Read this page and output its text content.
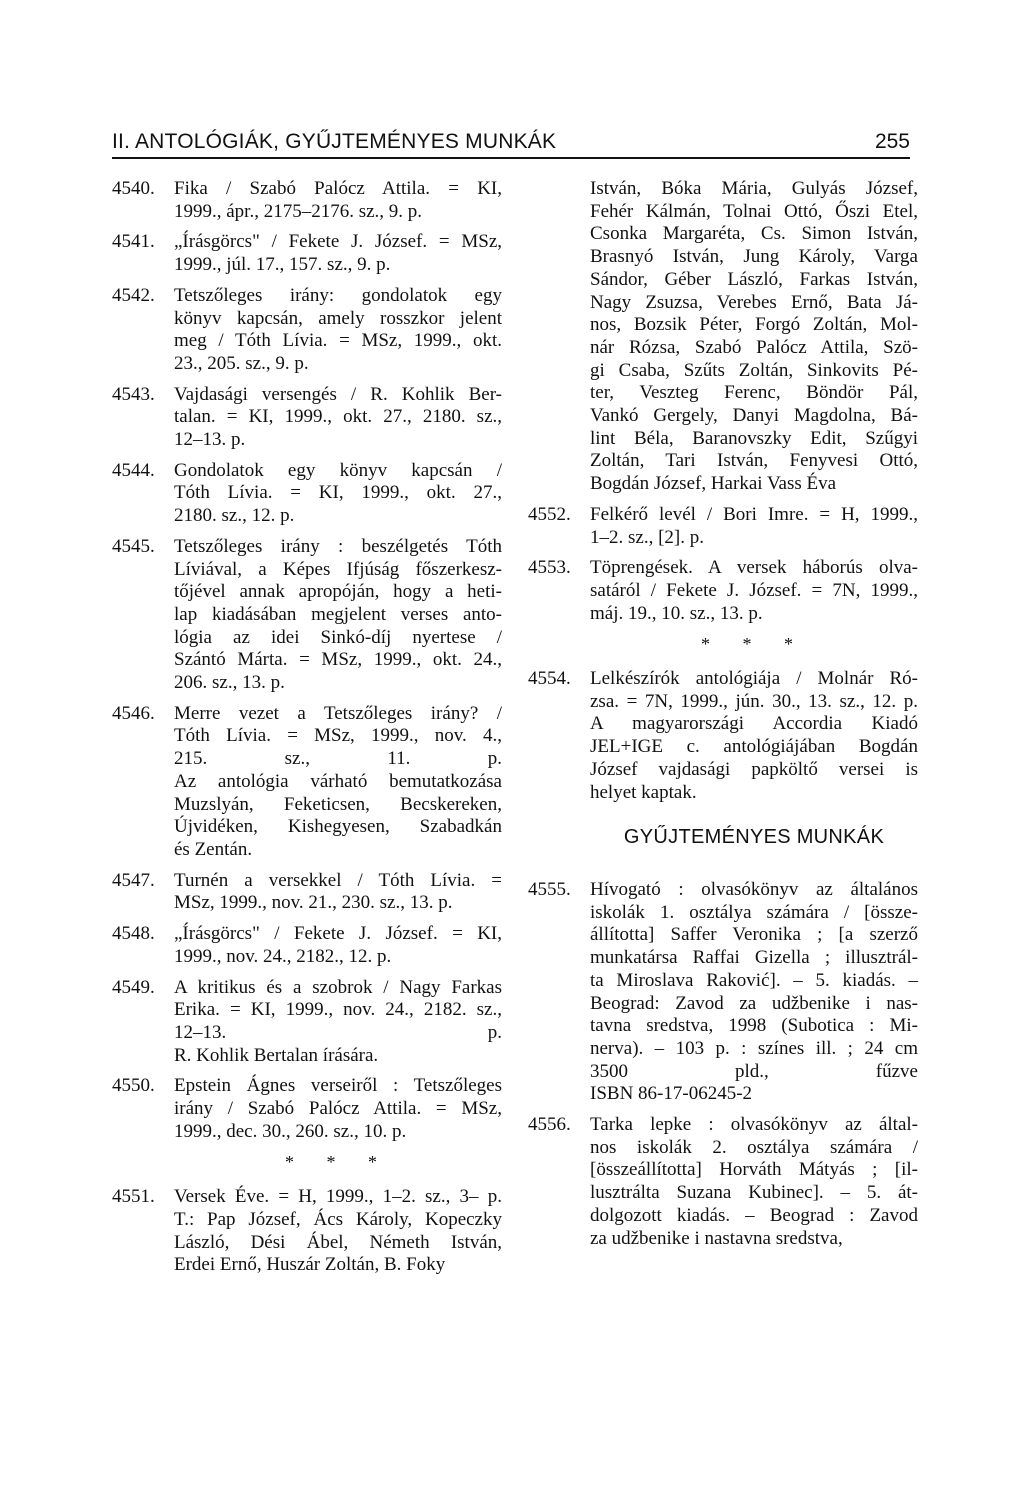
II. ANTOLÓGIÁK, GYŰJTEMÉNYES MUNKÁK	255
4540.	Fika / Szabó Palócz Attila. = KI,
1999., ápr., 2175–2176. sz., 9. p.
4541.	„Írásgörcs" / Fekete J. József. = MSz,
1999., júl. 17., 157. sz., 9. p.
4542.	Tetszőleges irány: gondolatok egy
könyv kapcsán, amely rosszkor jelent
meg / Tóth Lívia. = MSz, 1999., okt.
23., 205. sz., 9. p.
4543.	Vajdasági versengés / R. Kohlik Ber-
talan. = KI, 1999., okt. 27., 2180. sz.,
12–13. p.
4544.	Gondolatok egy könyv kapcsán /
Tóth Lívia. = KI, 1999., okt. 27.,
2180. sz., 12. p.
4545.	Tetszőleges irány : beszélgetés Tóth
Líviával, a Képes Ifjúság főszerkesz-
tőjével annak apropóján, hogy a heti-
lap kiadásában megjelent verses anto-
lógia az idei Sinkó-díj nyertese /
Szántó Márta. = MSz, 1999., okt. 24.,
206. sz., 13. p.
4546.	Merre vezet a Tetszőleges irány? /
Tóth Lívia. = MSz, 1999., nov. 4.,
215. sz., 11. p.
Az antológia várható bemutatkozása
Muzslyán, Feketicsen, Becskereken,
Újvidéken, Kishegyesen, Szabadkán
és Zentán.
4547.	Turnén a versekkel / Tóth Lívia. =
MSz, 1999., nov. 21., 230. sz., 13. p.
4548.	„Írásgörcs" / Fekete J. József. = KI,
1999., nov. 24., 2182., 12. p.
4549.	A kritikus és a szobrok / Nagy Farkas
Erika. = KI, 1999., nov. 24., 2182. sz.,
12–13. p.
R. Kohlik Bertalan írására.
4550.	Epstein Ágnes verseiről : Tetszőleges
irány / Szabó Palócz Attila. = MSz,
1999., dec. 30., 260. sz., 10. p.
* * *
4551.	Versek Éve. = H, 1999., 1–2. sz., 3– p.
T.: Pap József, Ács Károly, Kopeczky
László, Dési Ábel, Németh István,
Erdei Ernő, Huszár Zoltán, B. Foky
István, Bóka Mária, Gulyás József,
Fehér Kálmán, Tolnai Ottó, Őszi Etel,
Csonka Margaréta, Cs. Simon István,
Brasnyó István, Jung Károly, Varga
Sándor, Géber László, Farkas István,
Nagy Zsuzsa, Verebes Ernő, Bata Já-
nos, Bozsik Péter, Forgó Zoltán, Mol-
nár Rózsa, Szabó Palócz Attila, Szö-
gi Csaba, Szűts Zoltán, Sinkovits Pé-
ter, Veszteg Ferenc, Böndör Pál,
Vankó Gergely, Danyi Magdolna, Bá-
lint Béla, Baranovszky Edit, Szűgyi
Zoltán, Tari István, Fenyvesi Ottó,
Bogdán József, Harkai Vass Éva
4552.	Felkérő levél / Bori Imre. = H, 1999.,
1–2. sz., [2]. p.
4553.	Töprengések. A versek háborús olva-
satáról / Fekete J. József. = 7N, 1999.,
máj. 19., 10. sz., 13. p.
* * *
4554.	Lelkészírók antológiája / Molnár Ró-
zsa. = 7N, 1999., jún. 30., 13. sz., 12. p.
A magyarországi Accordia Kiadó
JEL+IGE c. antológiájában Bogdán
József vajdasági papköltő versei is
helyet kaptak.
GYŰJTEMÉNYES MUNKÁK
4555.	Hívogató : olvasókönyv az általános
iskolák 1. osztálya számára / [össze-
állította] Saffer Veronika ; [a szerző
munkatársa Raffai Gizella ; illusztrál-
ta Miroslava Raković]. – 5. kiadás. –
Beograd: Zavod za udžbenike i nas-
tavna sredstva, 1998 (Subotica : Mi-
nerva). – 103 p. : színes ill. ; 24 cm
3500 pld., fűzve
ISBN 86-17-06245-2
4556.	Tarka lepke : olvasókönyv az által-
nos iskolák 2. osztálya számára /
[összeállította] Horváth Mátyás ; [il-
lusztrálta Suzana Kubinec]. – 5. át-
dolgozott kiadás. – Beograd : Zavod
za udžbenike i nastavna sredstva,
